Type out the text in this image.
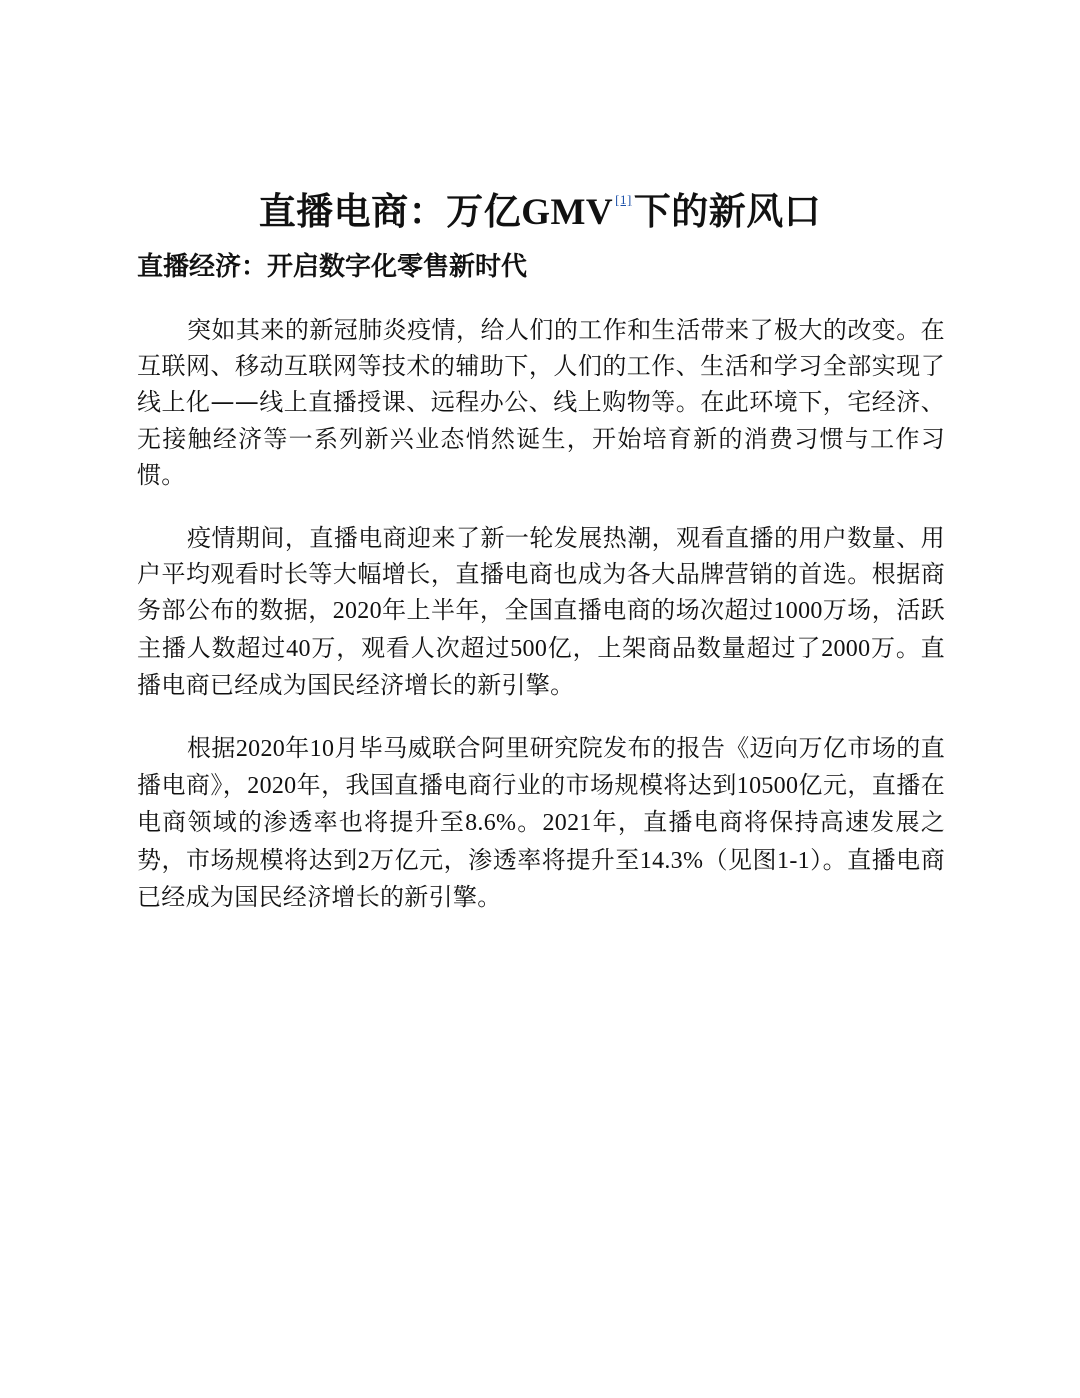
直播电商：万亿GMV [1]下的新风口
直播经济：开启数字化零售新时代

突如其来的新冠肺炎疫情，给人们的工作和生活带来了极大的改变。在互联网、移动互联网等技术的辅助下，人们的工作、生活和学习全部实现了线上化——线上直播授课、远程办公、线上购物等。在此环境下，宅经济、无接触经济等一系列新兴业态悄然诞生，开始培育新的消费习惯与工作习惯。

疫情期间，直播电商迎来了新一轮发展热潮，观看直播的用户数量、用户平均观看时长等大幅增长，直播电商也成为各大品牌营销的首选。根据商务部公布的数据，2020年上半年，全国直播电商的场次超过1000万场，活跃主播人数超过40万，观看人次超过500亿，上架商品数量超过了2000万。直播电商已经成为国民经济增长的新引擎。

根据2020年10月毕马威联合阿里研究院发布的报告《迈向万亿市场的直播电商》，2020年，我国直播电商行业的市场规模将达到10500亿元，直播在电商领域的渗透率也将提升至8.6%。2021年，直播电商将保持高速发展之势，市场规模将达到2万亿元，渗透率将提升至14.3%（见图1-1）。直播电商已经成为国民经济增长的新引擎。
